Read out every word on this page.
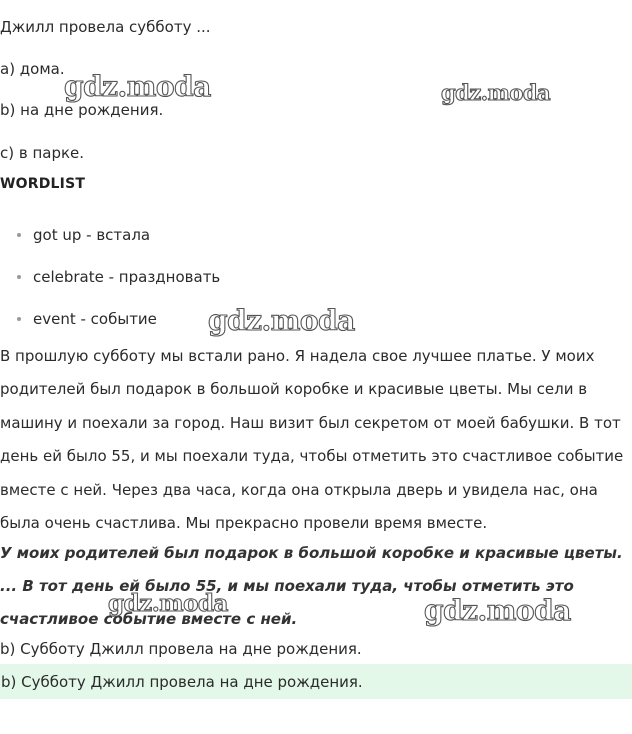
Джилл провела субботу ...
a) дома.
b) на дне рождения.
c) в парке.
WORDLIST
got up - встала
celebrate - праздновать
event - событие

В прошлую субботу мы встали рано. Я надела свое лучшее платье. У моих родителей был подарок в большой коробке и красивые цветы. Мы сели в машину и поехали за город. Наш визит был секретом от моей бабушки. В тот день ей было 55, и мы поехали туда, чтобы отметить это счастливое событие вместе с ней. Через два часа, когда она открыла дверь и увидела нас, она была очень счастлива. Мы прекрасно провели время вместе.

У моих родителей был подарок в большой коробке и красивые цветы. ... В тот день ей было 55, и мы поехали туда, чтобы отметить это счастливое событие вместе с ней.

b) Субботу Джилл провела на дне рождения.
b) Субботу Джилл провела на дне рождения.
gdz.moda	gdz.moda
gdz.moda
gdz.moda	gdz.moda
